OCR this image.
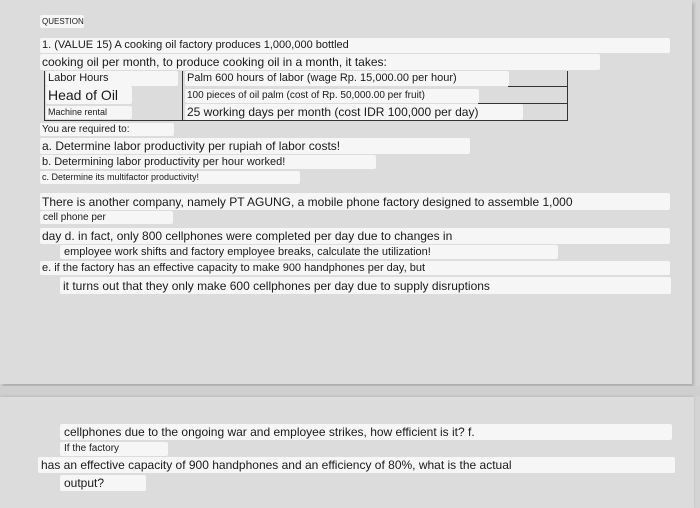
QUESTION
1. (VALUE 15) A cooking oil factory produces 1,000,000 bottled
cooking oil per month, to produce cooking oil in a month, it takes:
Labor Hours	Palm 600 hours of labor (wage Rp. 15,000.00 per hour)
Head of Oil	100 pieces of oil palm (cost of Rp. 50,000.00 per fruit)
Machine rental	25 working days per month (cost IDR 100,000 per day)
You are required to:
a. Determine labor productivity per rupiah of labor costs!
b. Determining labor productivity per hour worked!
c. Determine its multifactor productivity!
There is another company, namely PT AGUNG, a mobile phone factory designed to assemble 1,000
cell phone per
day d. in fact, only 800 cellphones were completed per day due to changes in
employee work shifts and factory employee breaks, calculate the utilization!
e. if the factory has an effective capacity to make 900 handphones per day, but
it turns out that they only make 600 cellphones per day due to supply disruptions
cellphones due to the ongoing war and employee strikes, how efficient is it? f.
If the factory
has an effective capacity of 900 handphones and an efficiency of 80%, what is the actual
output?
